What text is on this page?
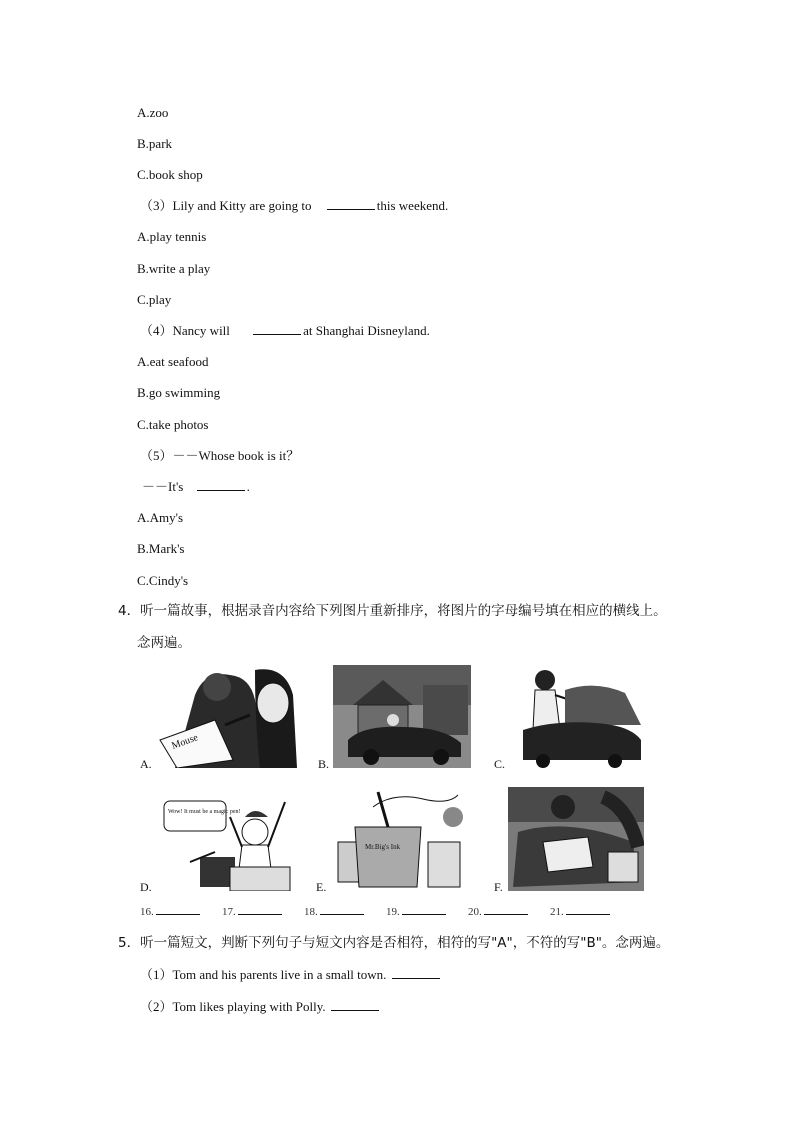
A.zoo
B.park
C.book shop
（3）Lily and Kitty are going to	this weekend.
A.play tennis
B.write a play
C.play
（4）Nancy will	at Shanghai Disneyland.
A.eat seafood
B.go swimming
C.take photos
（5）－－Whose book is it？
－－It's	.
A.Amy's
B.Mark's
C.Cindy's
4．听一篇故事，根据录音内容给下列图片重新排序，将图片的字母编号填在相应的横线上。
念两遍。
Mouse
A.	B.	C.
Wow! It must be a magic pen!
D.
Mr.Big's Ink
E.	F.
16.	17.	18.	19.	20.	21.
5．听一篇短文，判断下列句子与短文内容是否相符，相符的写"A"，不符的写"B"。念两遍。
（1）Tom and his parents live in a small town.
（2）Tom likes playing with Polly.
